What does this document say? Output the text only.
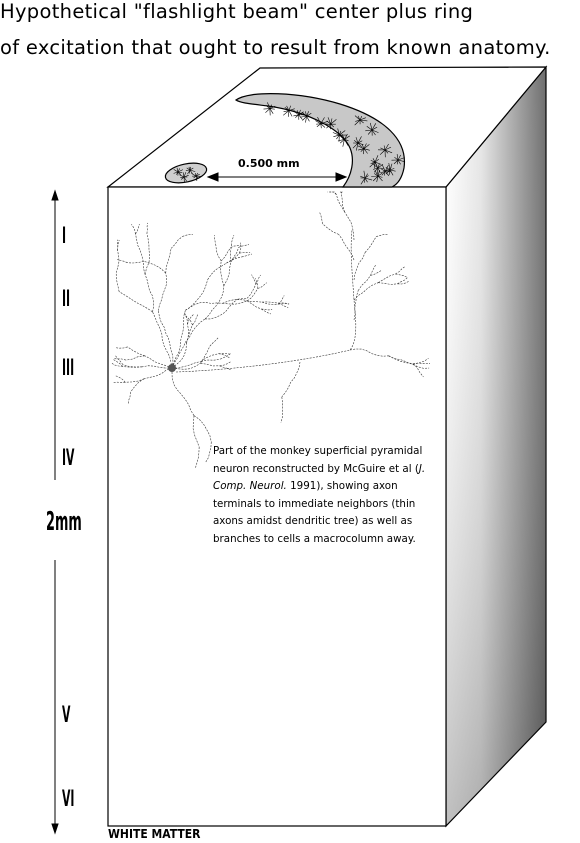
Hypothetical "flashlight beam" center plus ring
of excitation that ought to result from known anatomy.
0.500 mm
I
II
III
IV
2mm
V
VI
Part of the monkey superficial pyramidal neuron reconstructed by McGuire et al (J. Comp. Neurol. 1991), showing axon terminals to immediate neighbors (thin axons amidst dendritic tree) as well as branches to cells a macrocolumn away.
WHITE MATTER
